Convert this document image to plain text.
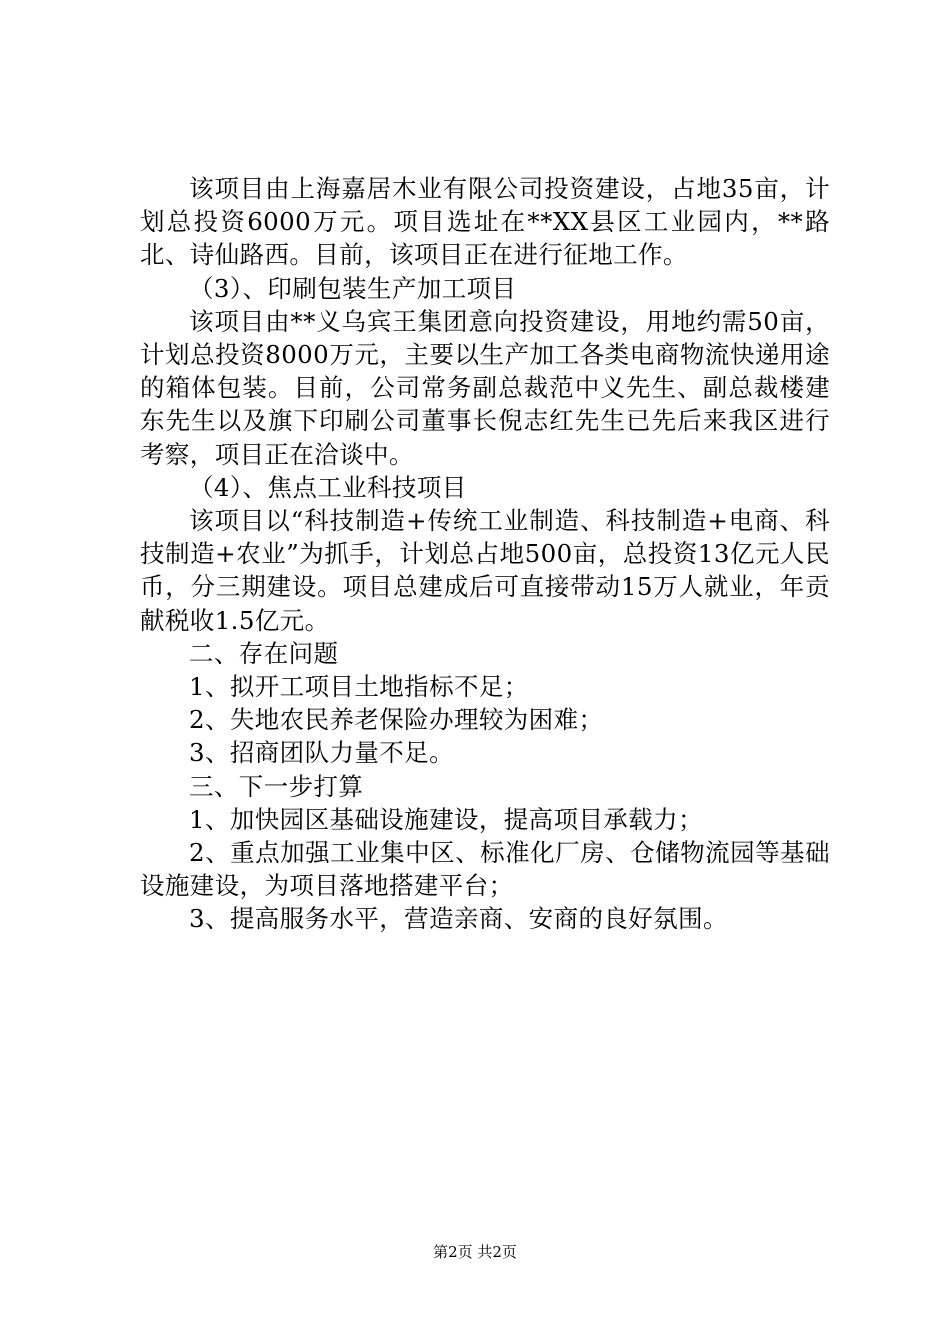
该项目由上海嘉居木业有限公司投资建设，占地35亩，计划总投资6000万元。项目选址在**XX县区工业园内，**路北、诗仙路西。目前，该项目正在进行征地工作。

（3）、印刷包装生产加工项目

该项目由**义乌宾王集团意向投资建设，用地约需50亩，计划总投资8000万元，主要以生产加工各类电商物流快递用途的箱体包装。目前，公司常务副总裁范中义先生、副总裁楼建东先生以及旗下印刷公司董事长倪志红先生已先后来我区进行考察，项目正在洽谈中。

（4）、焦点工业科技项目

该项目以“科技制造+传统工业制造、科技制造+电商、科技制造+农业”为抓手，计划总占地500亩，总投资13亿元人民币，分三期建设。项目总建成后可直接带动15万人就业，年贡献税收1.5亿元。

二、存在问题

1、拟开工项目土地指标不足；

2、失地农民养老保险办理较为困难；

3、招商团队力量不足。

三、下一步打算

1、加快园区基础设施建设，提高项目承载力；

2、重点加强工业集中区、标准化厂房、仓储物流园等基础设施建设，为项目落地搭建平台；

3、提高服务水平，营造亲商、安商的良好氛围。

第2页 共2页
